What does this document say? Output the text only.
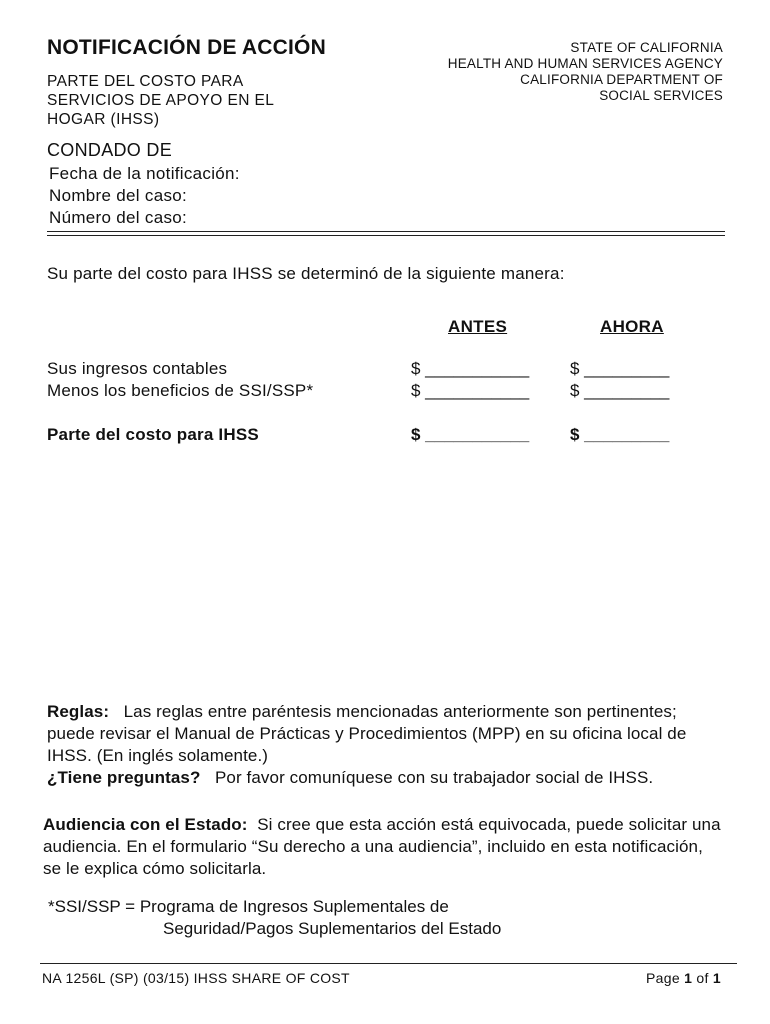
NOTIFICACIÓN DE ACCIÓN
PARTE DEL COSTO PARA
SERVICIOS DE APOYO EN EL
HOGAR (IHSS)
STATE OF CALIFORNIA
HEALTH AND HUMAN SERVICES AGENCY
CALIFORNIA DEPARTMENT OF
SOCIAL SERVICES
CONDADO DE
Fecha de la notificación:
Nombre del caso:
Número del caso:
Su parte del costo para IHSS se determinó de la siguiente manera:
ANTES	AHORA
Sus ingresos contables	$ ___________ $ _________
Menos los beneficios de SSI/SSP*	$ ___________ $ _________
Parte del costo para IHSS	$ ___________ $ _________
Reglas: Las reglas entre paréntesis mencionadas anteriormente son pertinentes; puede revisar el Manual de Prácticas y Procedimientos (MPP) en su oficina local de IHSS. (En inglés solamente.)
¿Tiene preguntas? Por favor comuníquese con su trabajador social de IHSS.
Audiencia con el Estado: Si cree que esta acción está equivocada, puede solicitar una audiencia. En el formulario “Su derecho a una audiencia”, incluido en esta notificación, se le explica cómo solicitarla.
*SSI/SSP = Programa de Ingresos Suplementales de
Seguridad/Pagos Suplementarios del Estado
NA 1256L (SP) (03/15) IHSS SHARE OF COST	Page 1 of 1
